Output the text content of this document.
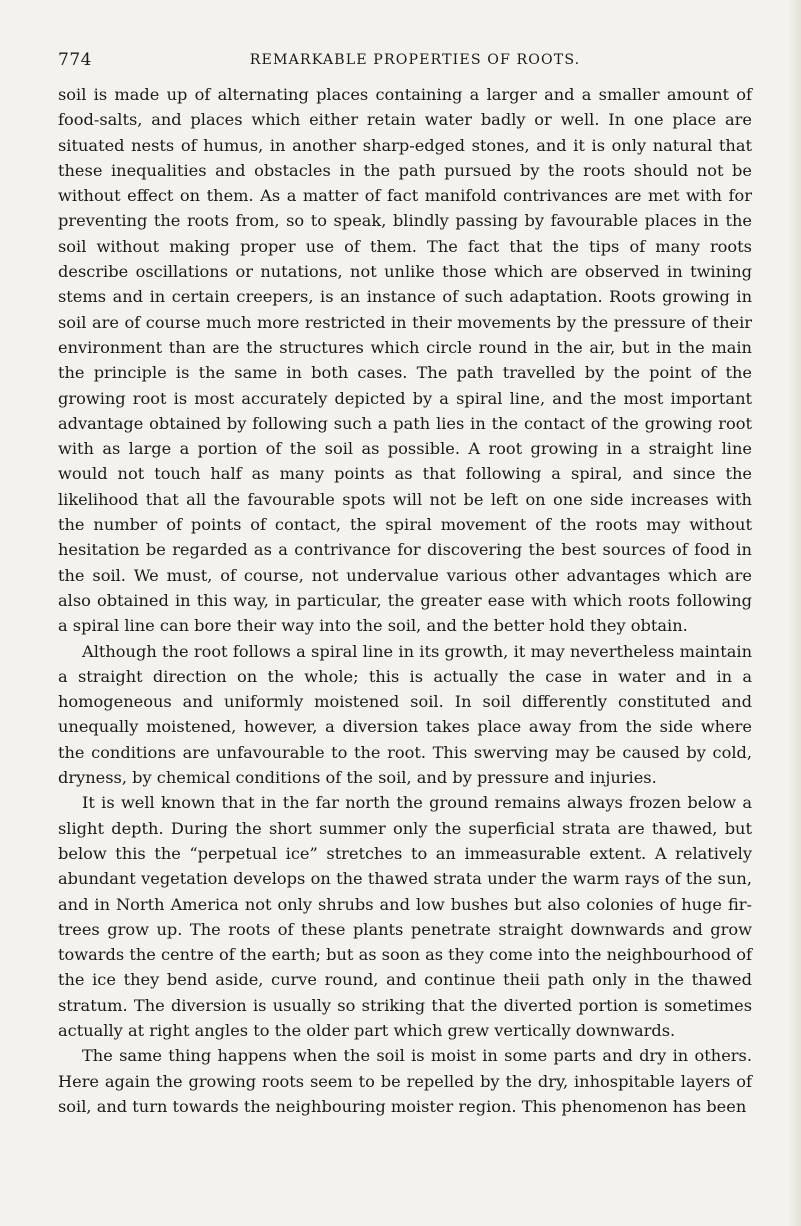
774	REMARKABLE PROPERTIES OF ROOTS.

soil is made up of alternating places containing a larger and a smaller amount of food-salts, and places which either retain water badly or well. In one place are situated nests of humus, in another sharp-edged stones, and it is only natural that these inequalities and obstacles in the path pursued by the roots should not be without effect on them. As a matter of fact manifold contrivances are met with for preventing the roots from, so to speak, blindly passing by favourable places in the soil without making proper use of them. The fact that the tips of many roots describe oscillations or nutations, not unlike those which are observed in twining stems and in certain creepers, is an instance of such adaptation. Roots growing in soil are of course much more restricted in their movements by the pressure of their environment than are the structures which circle round in the air, but in the main the principle is the same in both cases. The path travelled by the point of the growing root is most accurately depicted by a spiral line, and the most important advantage obtained by following such a path lies in the contact of the growing root with as large a portion of the soil as possible. A root growing in a straight line would not touch half as many points as that following a spiral, and since the likelihood that all the favourable spots will not be left on one side increases with the number of points of contact, the spiral movement of the roots may without hesitation be regarded as a contrivance for discovering the best sources of food in the soil. We must, of course, not undervalue various other advantages which are also obtained in this way, in particular, the greater ease with which roots following a spiral line can bore their way into the soil, and the better hold they obtain.

Although the root follows a spiral line in its growth, it may nevertheless maintain a straight direction on the whole; this is actually the case in water and in a homogeneous and uniformly moistened soil. In soil differently constituted and unequally moistened, however, a diversion takes place away from the side where the conditions are unfavourable to the root. This swerving may be caused by cold, dryness, by chemical conditions of the soil, and by pressure and injuries.

It is well known that in the far north the ground remains always frozen below a slight depth. During the short summer only the superficial strata are thawed, but below this the “perpetual ice” stretches to an immeasurable extent. A relatively abundant vegetation develops on the thawed strata under the warm rays of the sun, and in North America not only shrubs and low bushes but also colonies of huge fir-trees grow up. The roots of these plants penetrate straight downwards and grow towards the centre of the earth; but as soon as they come into the neighbourhood of the ice they bend aside, curve round, and continue theii path only in the thawed stratum. The diversion is usually so striking that the diverted portion is sometimes actually at right angles to the older part which grew vertically downwards.

The same thing happens when the soil is moist in some parts and dry in others. Here again the growing roots seem to be repelled by the dry, inhospitable layers of soil, and turn towards the neighbouring moister region. This phenomenon has been
